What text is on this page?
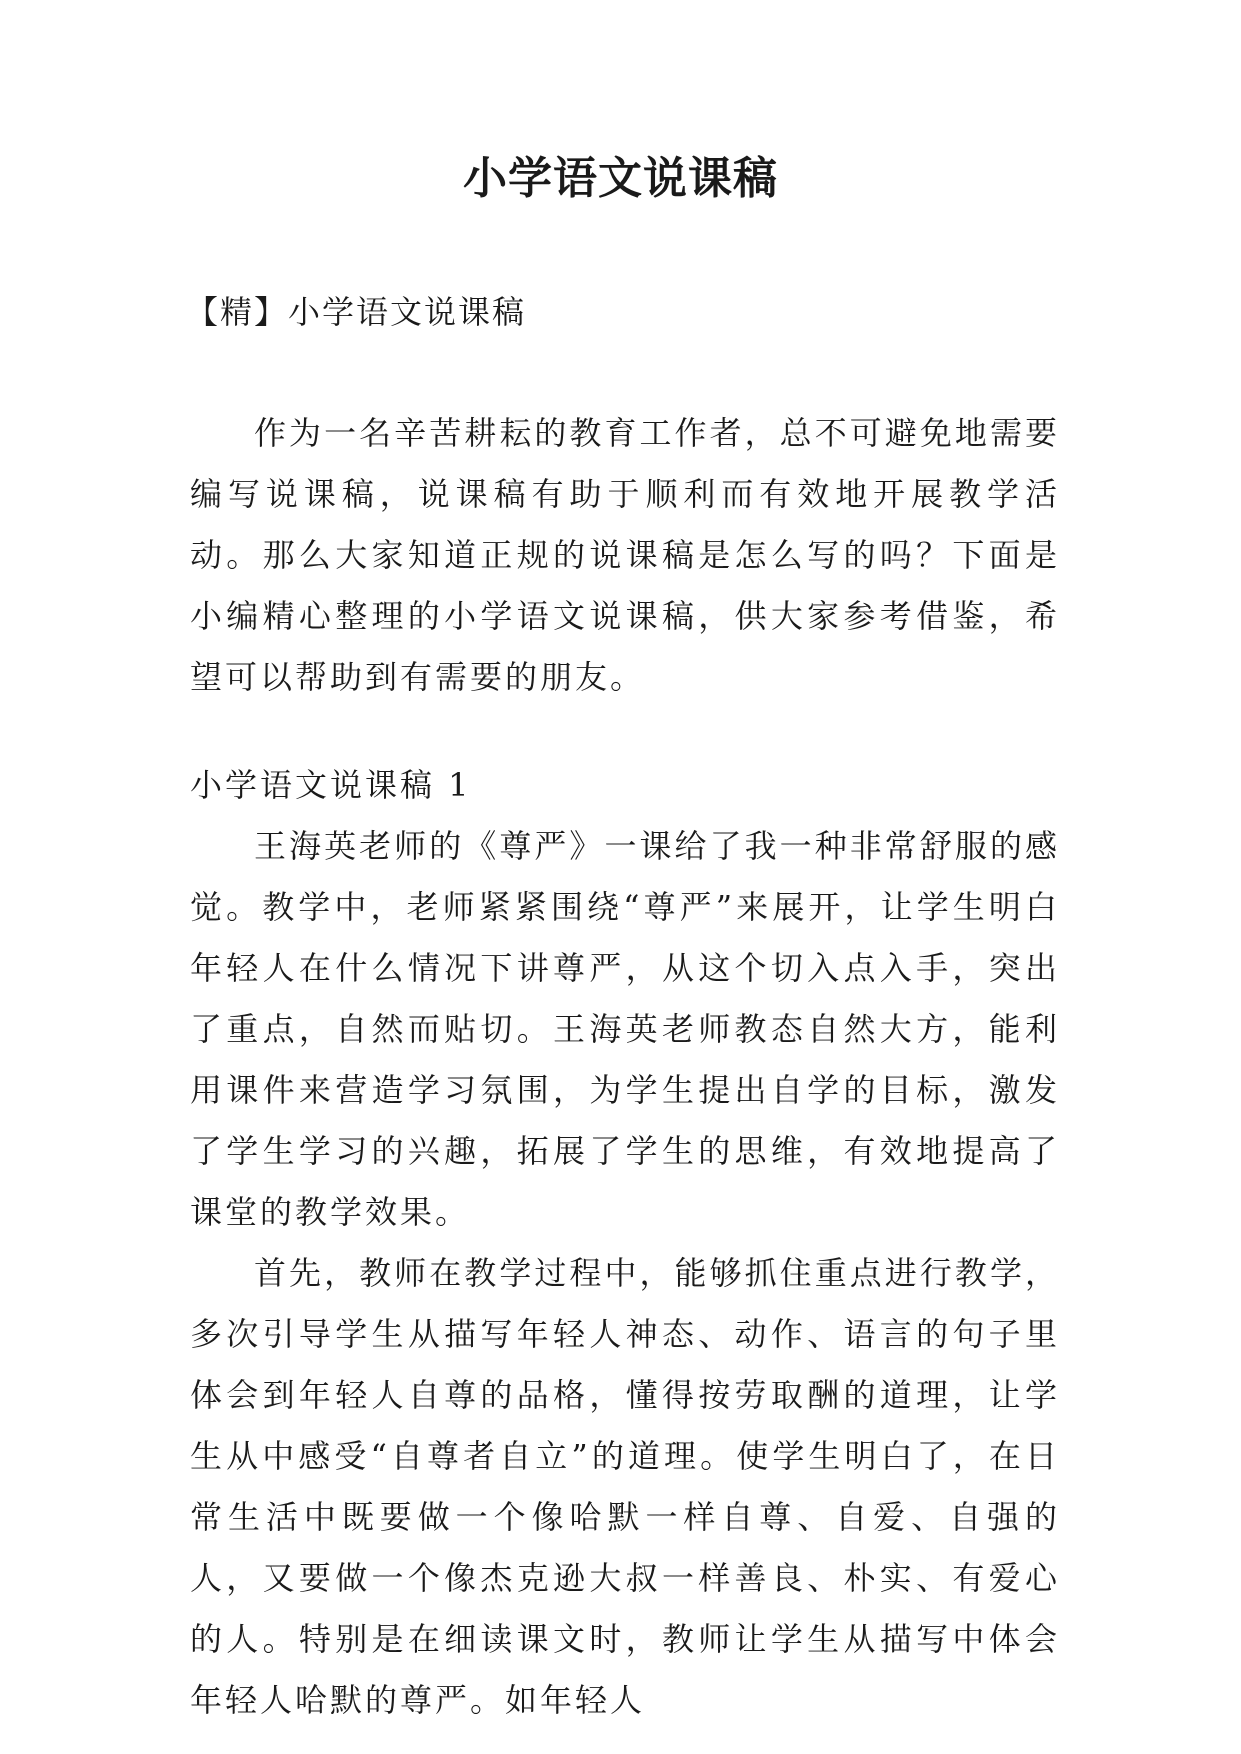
小学语文说课稿
【精】小学语文说课稿

作为一名辛苦耕耘的教育工作者，总不可避免地需要编写说课稿，说课稿有助于顺利而有效地开展教学活动。那么大家知道正规的说课稿是怎么写的吗？下面是小编精心整理的小学语文说课稿，供大家参考借鉴，希望可以帮助到有需要的朋友。

小学语文说课稿 1

王海英老师的《尊严》一课给了我一种非常舒服的感觉。教学中，老师紧紧围绕“尊严”来展开，让学生明白年轻人在什么情况下讲尊严，从这个切入点入手，突出了重点，自然而贴切。王海英老师教态自然大方，能利用课件来营造学习氛围，为学生提出自学的目标，激发了学生学习的兴趣，拓展了学生的思维，有效地提高了课堂的教学效果。

首先，教师在教学过程中，能够抓住重点进行教学，多次引导学生从描写年轻人神态、动作、语言的句子里体会到年轻人自尊的品格，懂得按劳取酬的道理，让学生从中感受“自尊者自立”的道理。使学生明白了，在日常生活中既要做一个像哈默一样自尊、自爱、自强的人，又要做一个像杰克逊大叔一样善良、朴实、有爱心的人。特别是在细读课文时，教师让学生从描写中体会年轻人哈默的尊严。如年轻人
